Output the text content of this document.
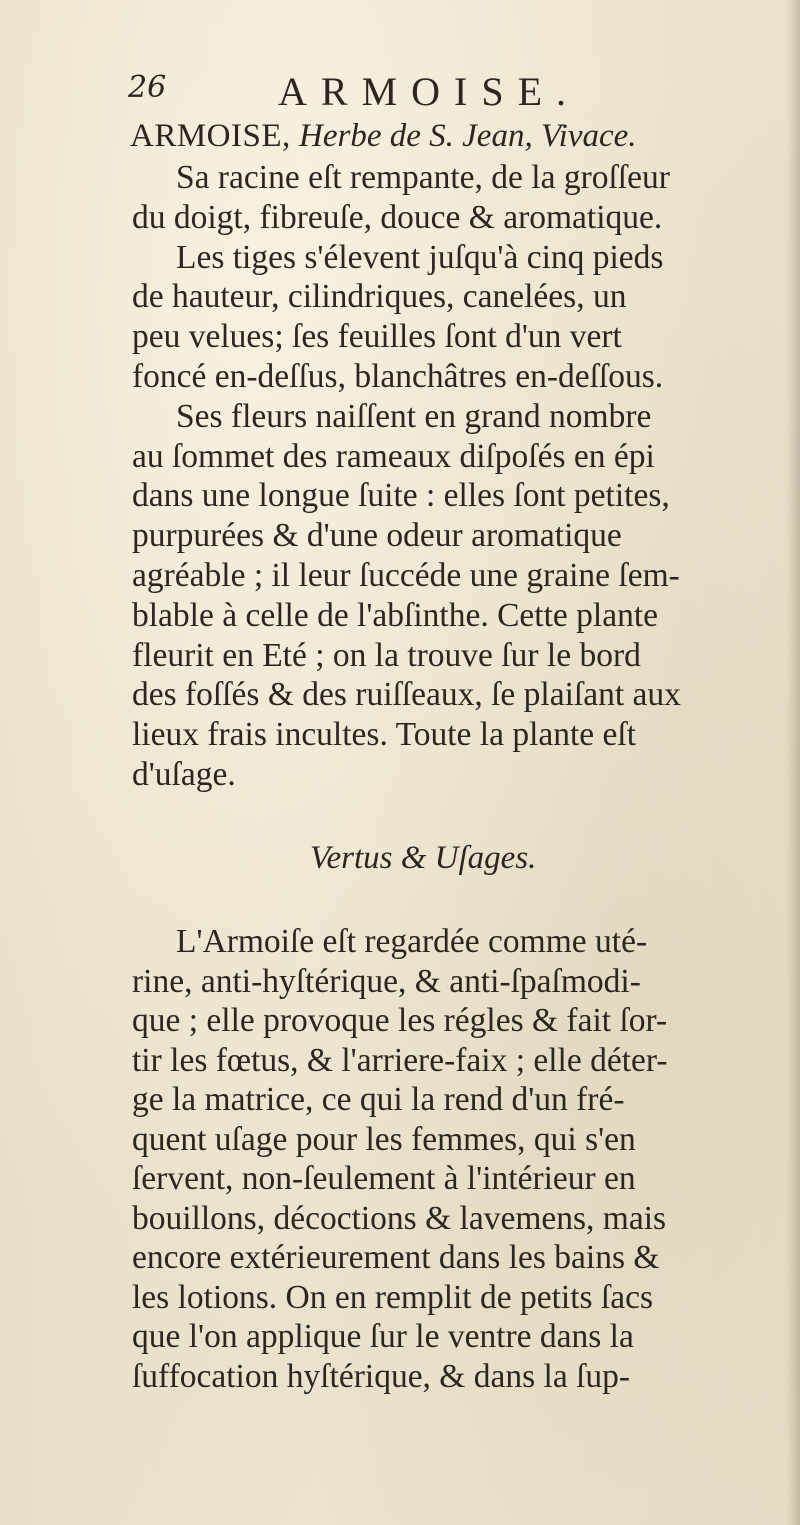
26	ARMOISE.
ARMOISE, Herbe de S. Jean, Vivace.
Sa racine eſt rempante, de la groſſeur
du doigt, fibreuſe, douce & aromatique.
Les tiges s'élevent juſqu'à cinq pieds
de hauteur, cilindriques, canelées, un
peu velues; ſes feuilles ſont d'un vert
foncé en-deſſus, blanchâtres en-deſſous.
Ses fleurs naiſſent en grand nombre
au ſommet des rameaux diſpoſés en épi
dans une longue ſuite : elles ſont petites,
purpurées & d'une odeur aromatique
agréable ; il leur ſuccéde une graine ſem-
blable à celle de l'abſinthe. Cette plante
fleurit en Eté ; on la trouve ſur le bord
des foſſés & des ruiſſeaux, ſe plaiſant aux
lieux frais incultes. Toute la plante eſt
d'uſage.
Vertus & Uſages.
L'Armoiſe eſt regardée comme uté-
rine, anti-hyſtérique, & anti-ſpaſmodi-
que ; elle provoque les régles & fait ſor-
tir les fœtus, & l'arriere-faix ; elle déter-
ge la matrice, ce qui la rend d'un fré-
quent uſage pour les femmes, qui s'en
ſervent, non-ſeulement à l'intérieur en
bouillons, décoctions & lavemens, mais
encore extérieurement dans les bains &
les lotions. On en remplit de petits ſacs
que l'on applique ſur le ventre dans la
ſuffocation hyſtérique, & dans la ſup-
